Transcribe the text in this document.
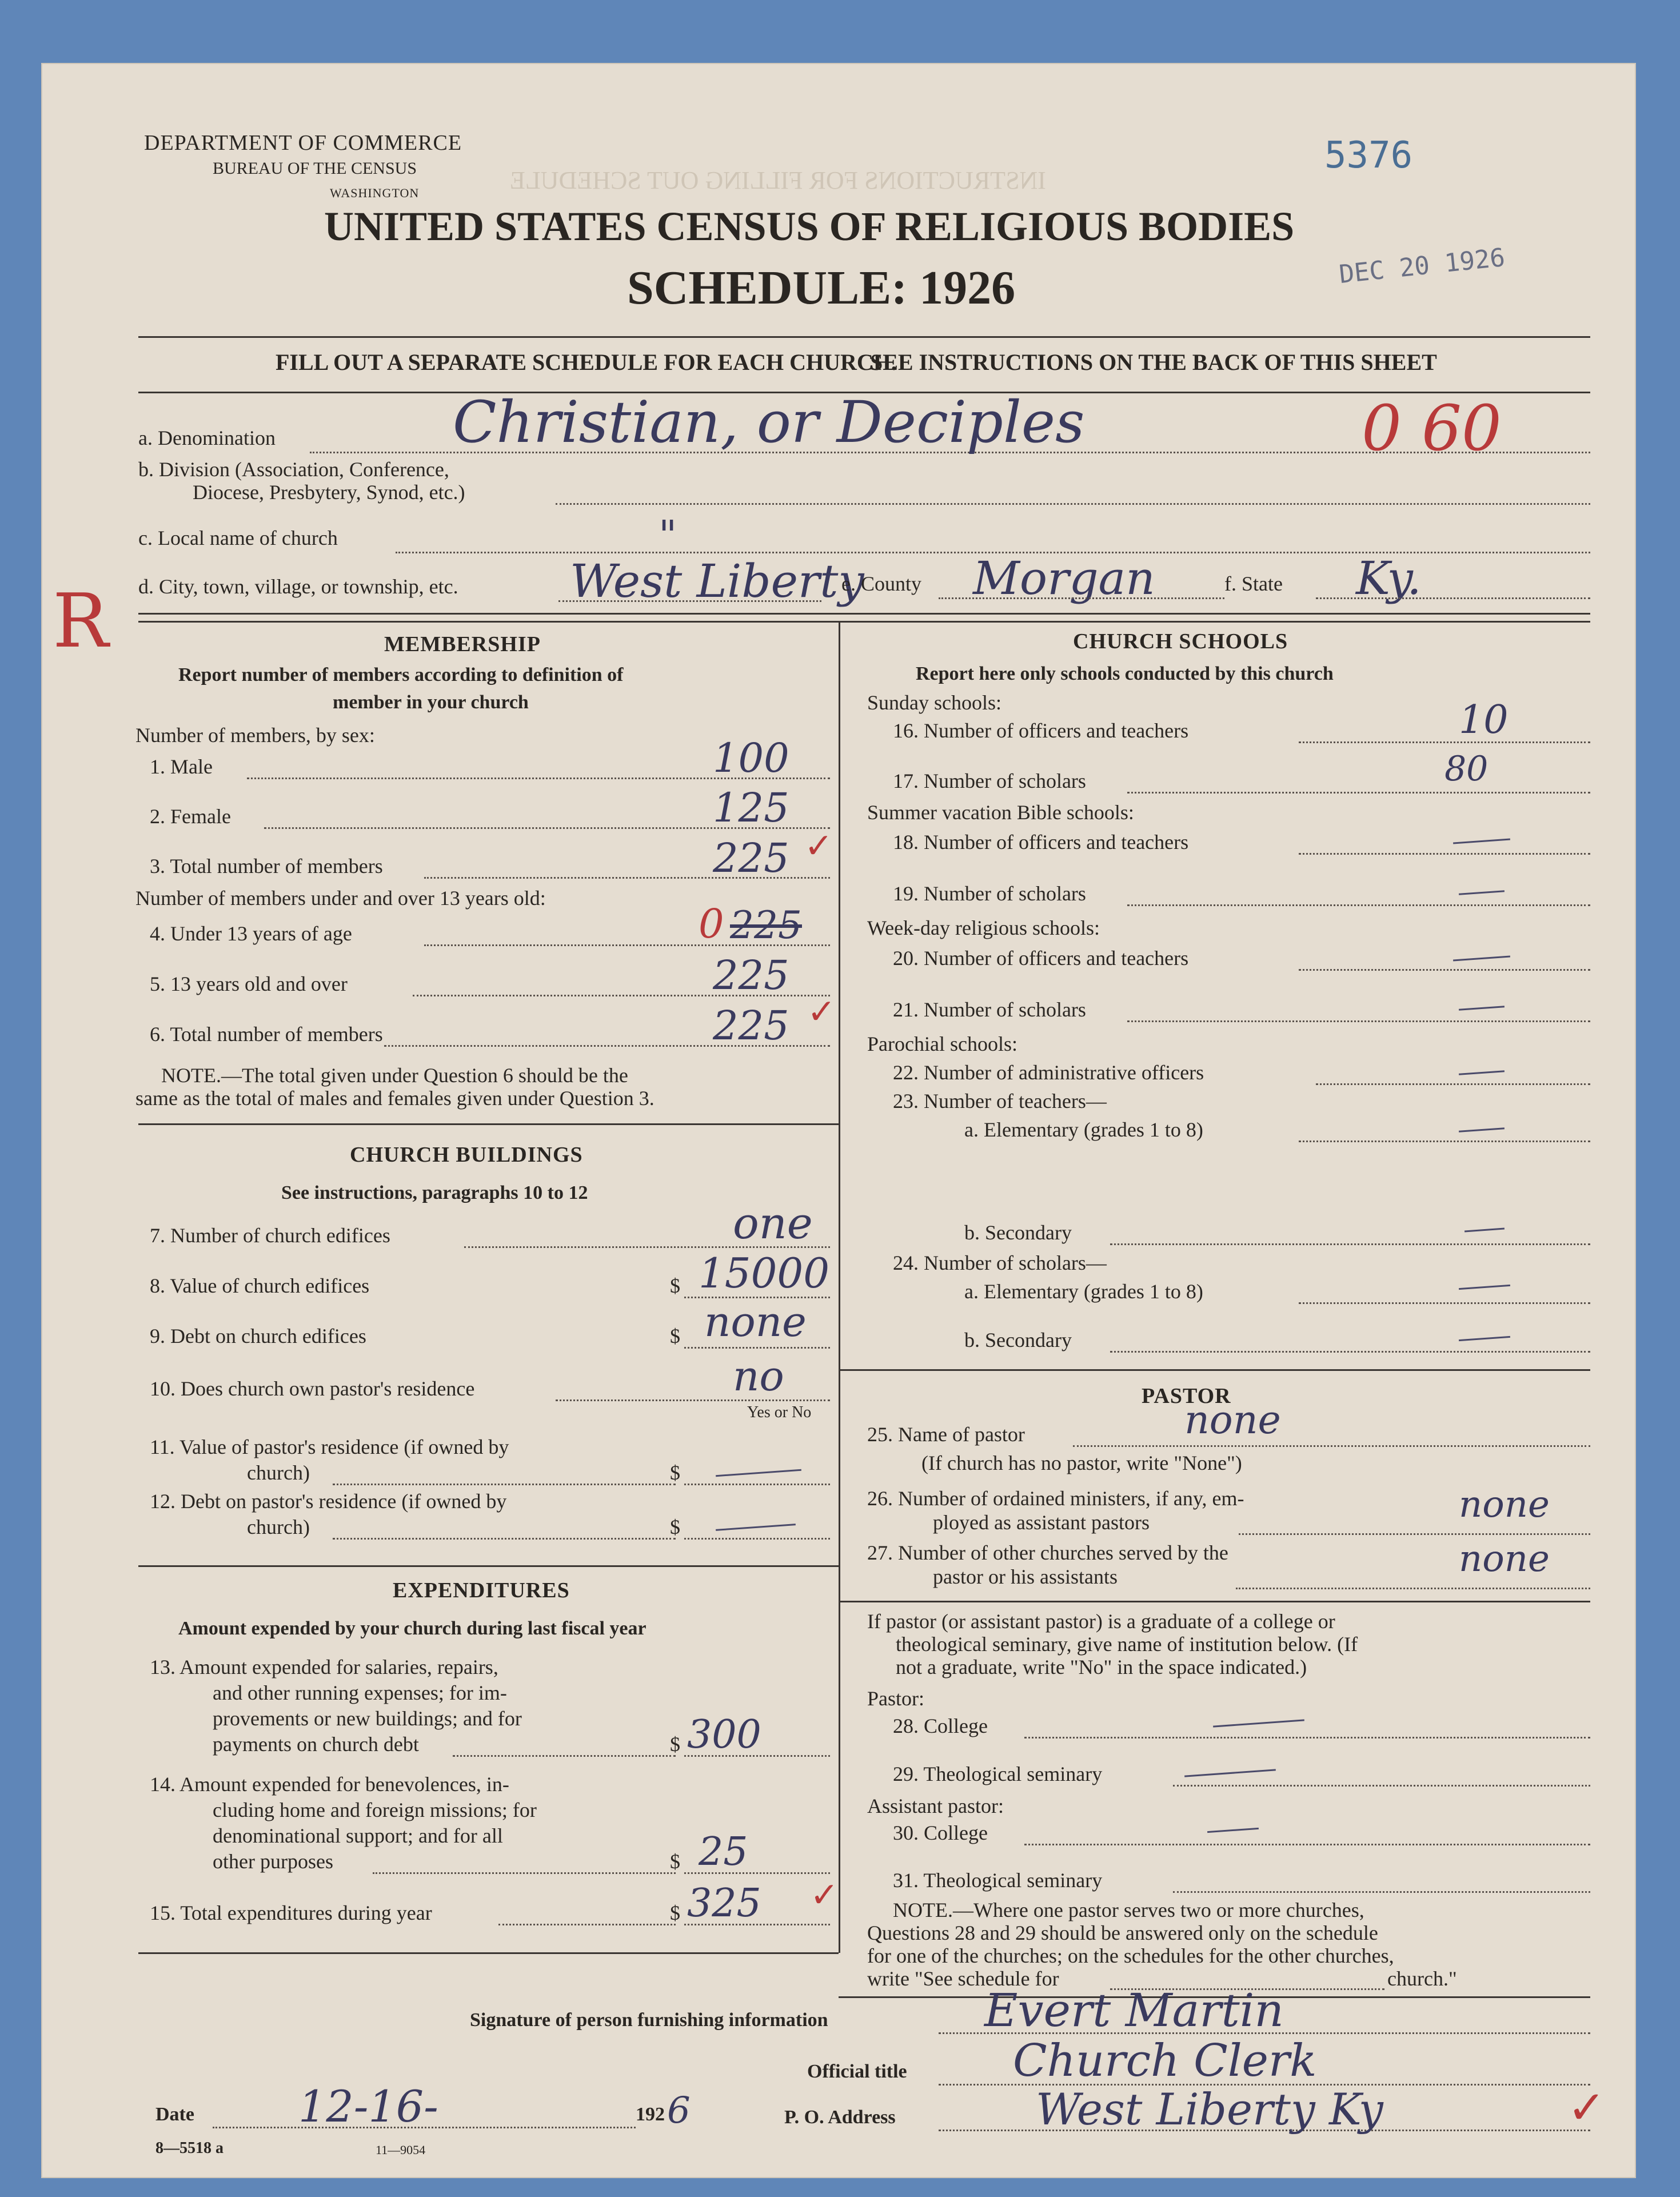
INSTRUCTIONS FOR FILLING OUT SCHEDULE
DEPARTMENT OF COMMERCE
BUREAU OF THE CENSUS
WASHINGTON
5376
DEC 20 1926
UNITED STATES CENSUS OF RELIGIOUS BODIES
SCHEDULE: 1926
FILL OUT A SEPARATE SCHEDULE FOR EACH CHURCH.
SEE INSTRUCTIONS ON THE BACK OF THIS SHEET
a. Denomination	Christian, or Deciples	0 60
b. Division (Association, Conference,
Diocese, Presbytery, Synod, etc.)
c. Local name of church	"
R d. City, town, village, or township, etc. West Liberty
e. County Morgan	f. State Ky.
MEMBERSHIP
Report number of members according to definition of
member in your church
Number of members, by sex:
1. Male	100
2. Female	125
3. Total number of members	225 ✓
Number of members under and over 13 years old:
4. Under 13 years of age	0 225
5. 13 years old and over	225
6. Total number of members	225 ✓
NOTE.—The total given under Question 6 should be the
same as the total of males and females given under Question 3.
CHURCH BUILDINGS
See instructions, paragraphs 10 to 12
7. Number of church edifices	one
8. Value of church edifices	$ 15000
9. Debt on church edifices	$ none
10. Does church own pastor's residence	no
Yes or No
11. Value of pastor's residence (if owned by
church)	$
12. Debt on pastor's residence (if owned by
church)	$
EXPENDITURES
Amount expended by your church during last fiscal year
13. Amount expended for salaries, repairs,
and other running expenses; for im-
provements or new buildings; and for
payments on church debt	$ 300
14. Amount expended for benevolences, in-
cluding home and foreign missions; for
denominational support; and for all
other purposes	$ 25
15. Total expenditures during year	$ 325 ✓
CHURCH SCHOOLS
Report here only schools conducted by this church
Sunday schools:
16. Number of officers and teachers	10
17. Number of scholars	80
Summer vacation Bible schools:
18. Number of officers and teachers
19. Number of scholars
Week-day religious schools:
20. Number of officers and teachers
21. Number of scholars
Parochial schools:
22. Number of administrative officers
23. Number of teachers—
a. Elementary (grades 1 to 8)
b. Secondary
24. Number of scholars—
a. Elementary (grades 1 to 8)
b. Secondary
PASTOR
25. Name of pastor	none
(If church has no pastor, write "None")
26. Number of ordained ministers, if any, em-
ployed as assistant pastors	none
27. Number of other churches served by the
pastor or his assistants	none
If pastor (or assistant pastor) is a graduate of a college or
theological seminary, give name of institution below. (If
not a graduate, write "No" in the space indicated.)
Pastor:
28. College
29. Theological seminary
Assistant pastor:
30. College
31. Theological seminary
NOTE.—Where one pastor serves two or more churches,
Questions 28 and 29 should be answered only on the schedule
for one of the churches; on the schedules for the other churches,
write "See schedule for	church."
Signature of person furnishing information	Evert Martin
Official title Church Clerk
Date 12-16-	192 6	P. O. Address	West Liberty Ky	✓
8—5518 a	11—9054
